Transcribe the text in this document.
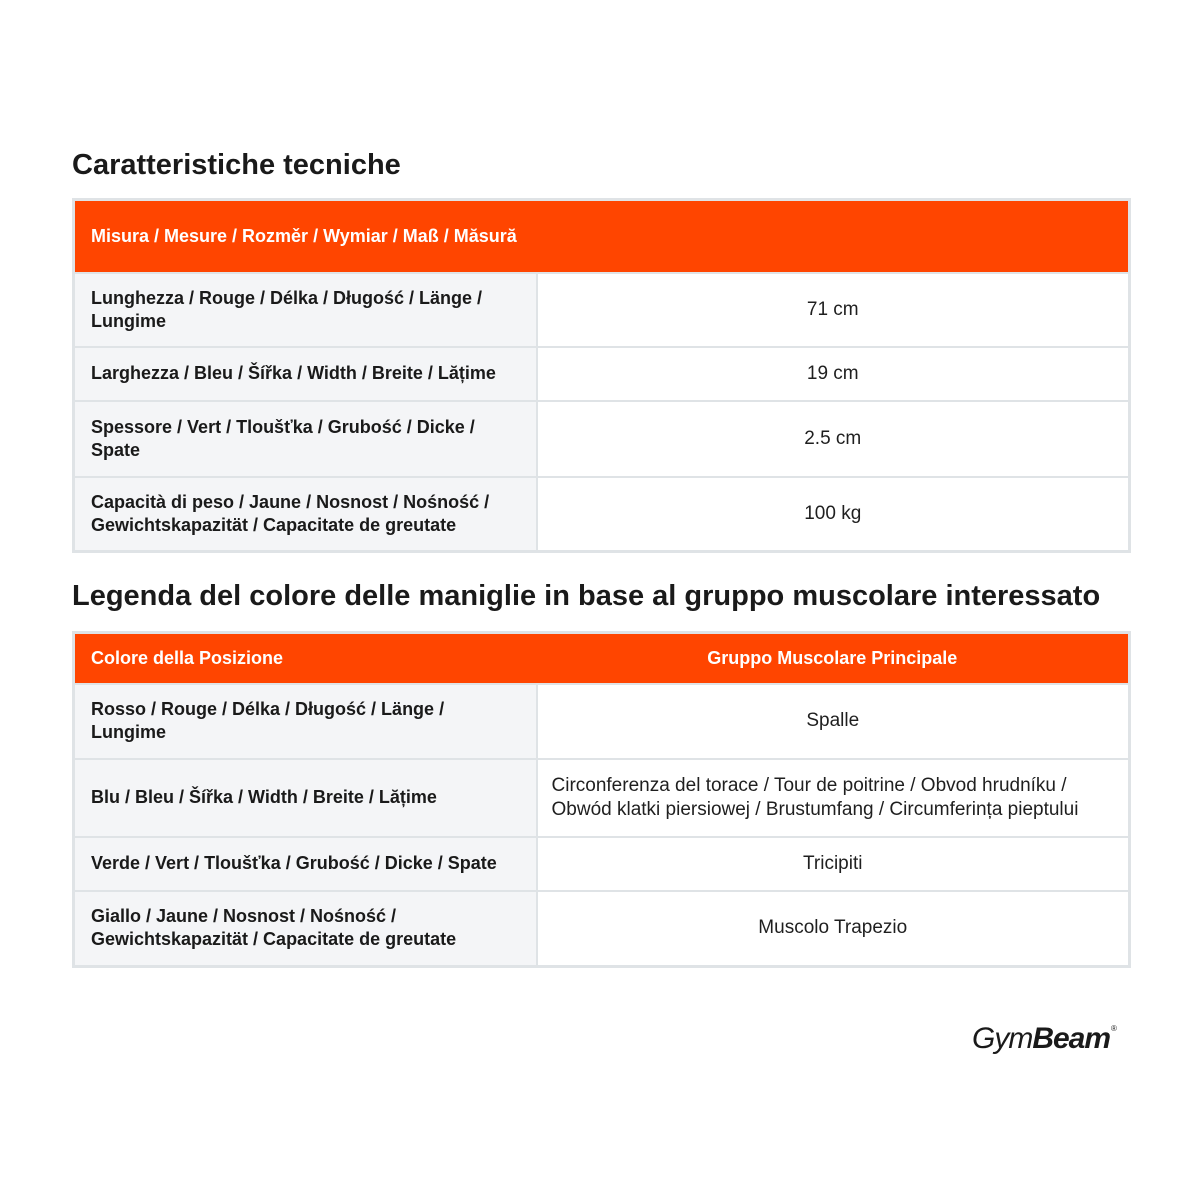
Caratteristiche tecniche
Misura / Mesure / Rozměr / Wymiar / Maß / Măsură	
Lunghezza / Rouge / Délka / Długość / Länge / Lungime	71 cm
Larghezza / Bleu / Šířka / Width / Breite / Lățime	19 cm
Spessore / Vert / Tloušťka / Grubość / Dicke / Spate	2.5 cm
Capacità di peso / Jaune / Nosnost / Nośność / Gewichtskapazität / Capacitate de greutate	100 kg
Legenda del colore delle maniglie in base al gruppo muscolare interessato
Colore della Posizione	Gruppo Muscolare Principale
Rosso / Rouge / Délka / Długość / Länge / Lungime	Spalle
Blu / Bleu / Šířka / Width / Breite / Lățime	Circonferenza del torace / Tour de poitrine / Obvod hrudníku / Obwód klatki piersiowej / Brustumfang / Circumferința pieptului
Verde / Vert / Tloušťka / Grubość / Dicke / Spate	Tricipiti
Giallo / Jaune / Nosnost / Nośność / Gewichtskapazität / Capacitate de greutate	Muscolo Trapezio
GymBeam®
